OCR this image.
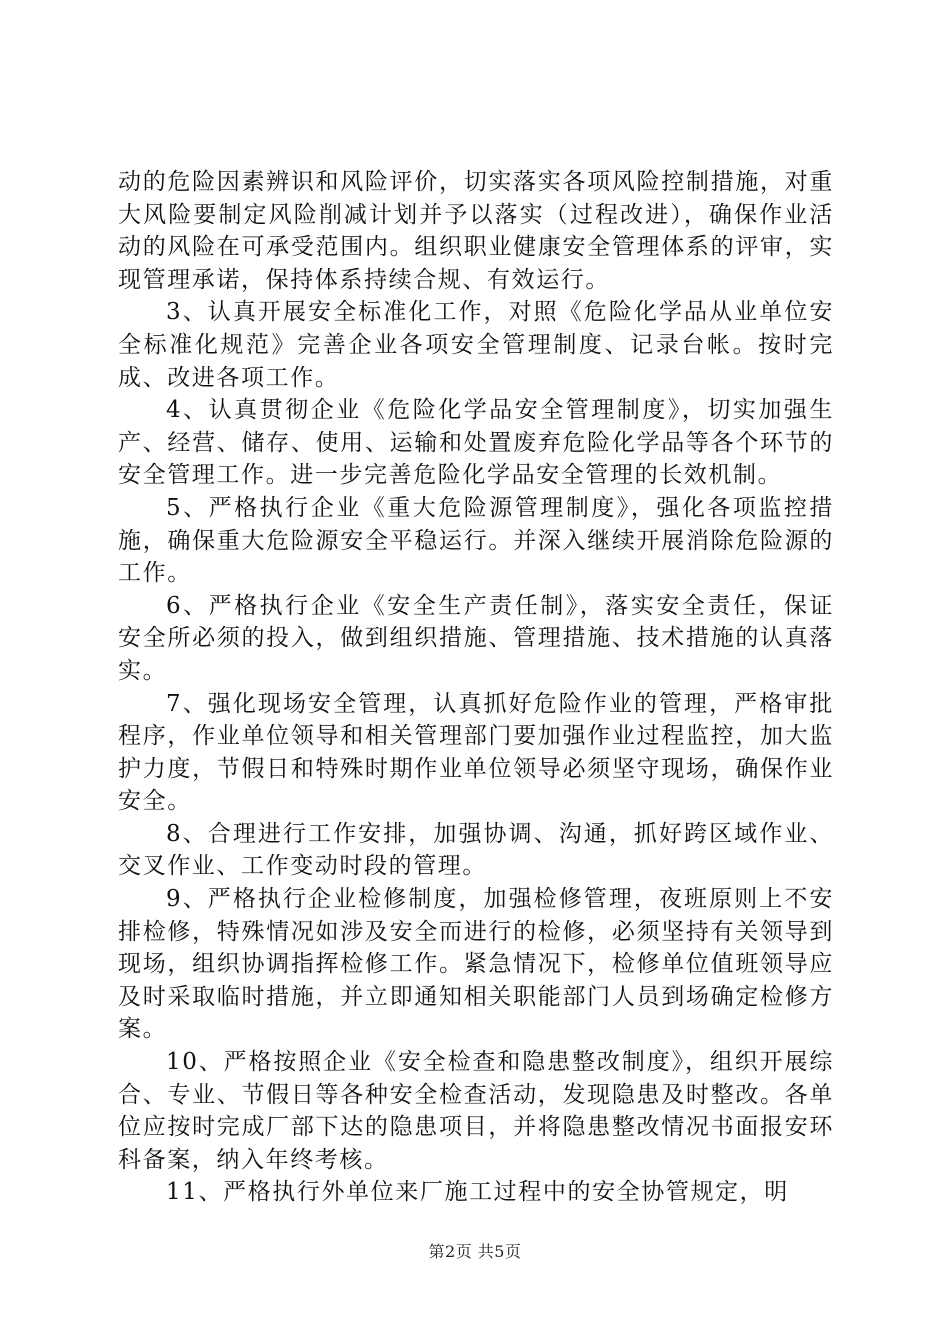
动的危险因素辨识和风险评价，切实落实各项风险控制措施，对重大风险要制定风险削减计划并予以落实（过程改进），确保作业活动的风险在可承受范围内。组织职业健康安全管理体系的评审，实现管理承诺，保持体系持续合规、有效运行。

3、认真开展安全标准化工作，对照《危险化学品从业单位安全标准化规范》完善企业各项安全管理制度、记录台帐。按时完成、改进各项工作。

4、认真贯彻企业《危险化学品安全管理制度》，切实加强生产、经营、储存、使用、运输和处置废弃危险化学品等各个环节的安全管理工作。进一步完善危险化学品安全管理的长效机制。

5、严格执行企业《重大危险源管理制度》，强化各项监控措施，确保重大危险源安全平稳运行。并深入继续开展消除危险源的工作。

6、严格执行企业《安全生产责任制》，落实安全责任，保证安全所必须的投入，做到组织措施、管理措施、技术措施的认真落实。

7、强化现场安全管理，认真抓好危险作业的管理，严格审批程序，作业单位领导和相关管理部门要加强作业过程监控，加大监护力度，节假日和特殊时期作业单位领导必须坚守现场，确保作业安全。

8、合理进行工作安排，加强协调、沟通，抓好跨区域作业、交叉作业、工作变动时段的管理。

9、严格执行企业检修制度，加强检修管理，夜班原则上不安排检修，特殊情况如涉及安全而进行的检修，必须坚持有关领导到现场，组织协调指挥检修工作。紧急情况下，检修单位值班领导应及时采取临时措施，并立即通知相关职能部门人员到场确定检修方案。

10、严格按照企业《安全检查和隐患整改制度》，组织开展综合、专业、节假日等各种安全检查活动，发现隐患及时整改。各单位应按时完成厂部下达的隐患项目，并将隐患整改情况书面报安环科备案，纳入年终考核。

11、严格执行外单位来厂施工过程中的安全协管规定，明

第2页 共5页
